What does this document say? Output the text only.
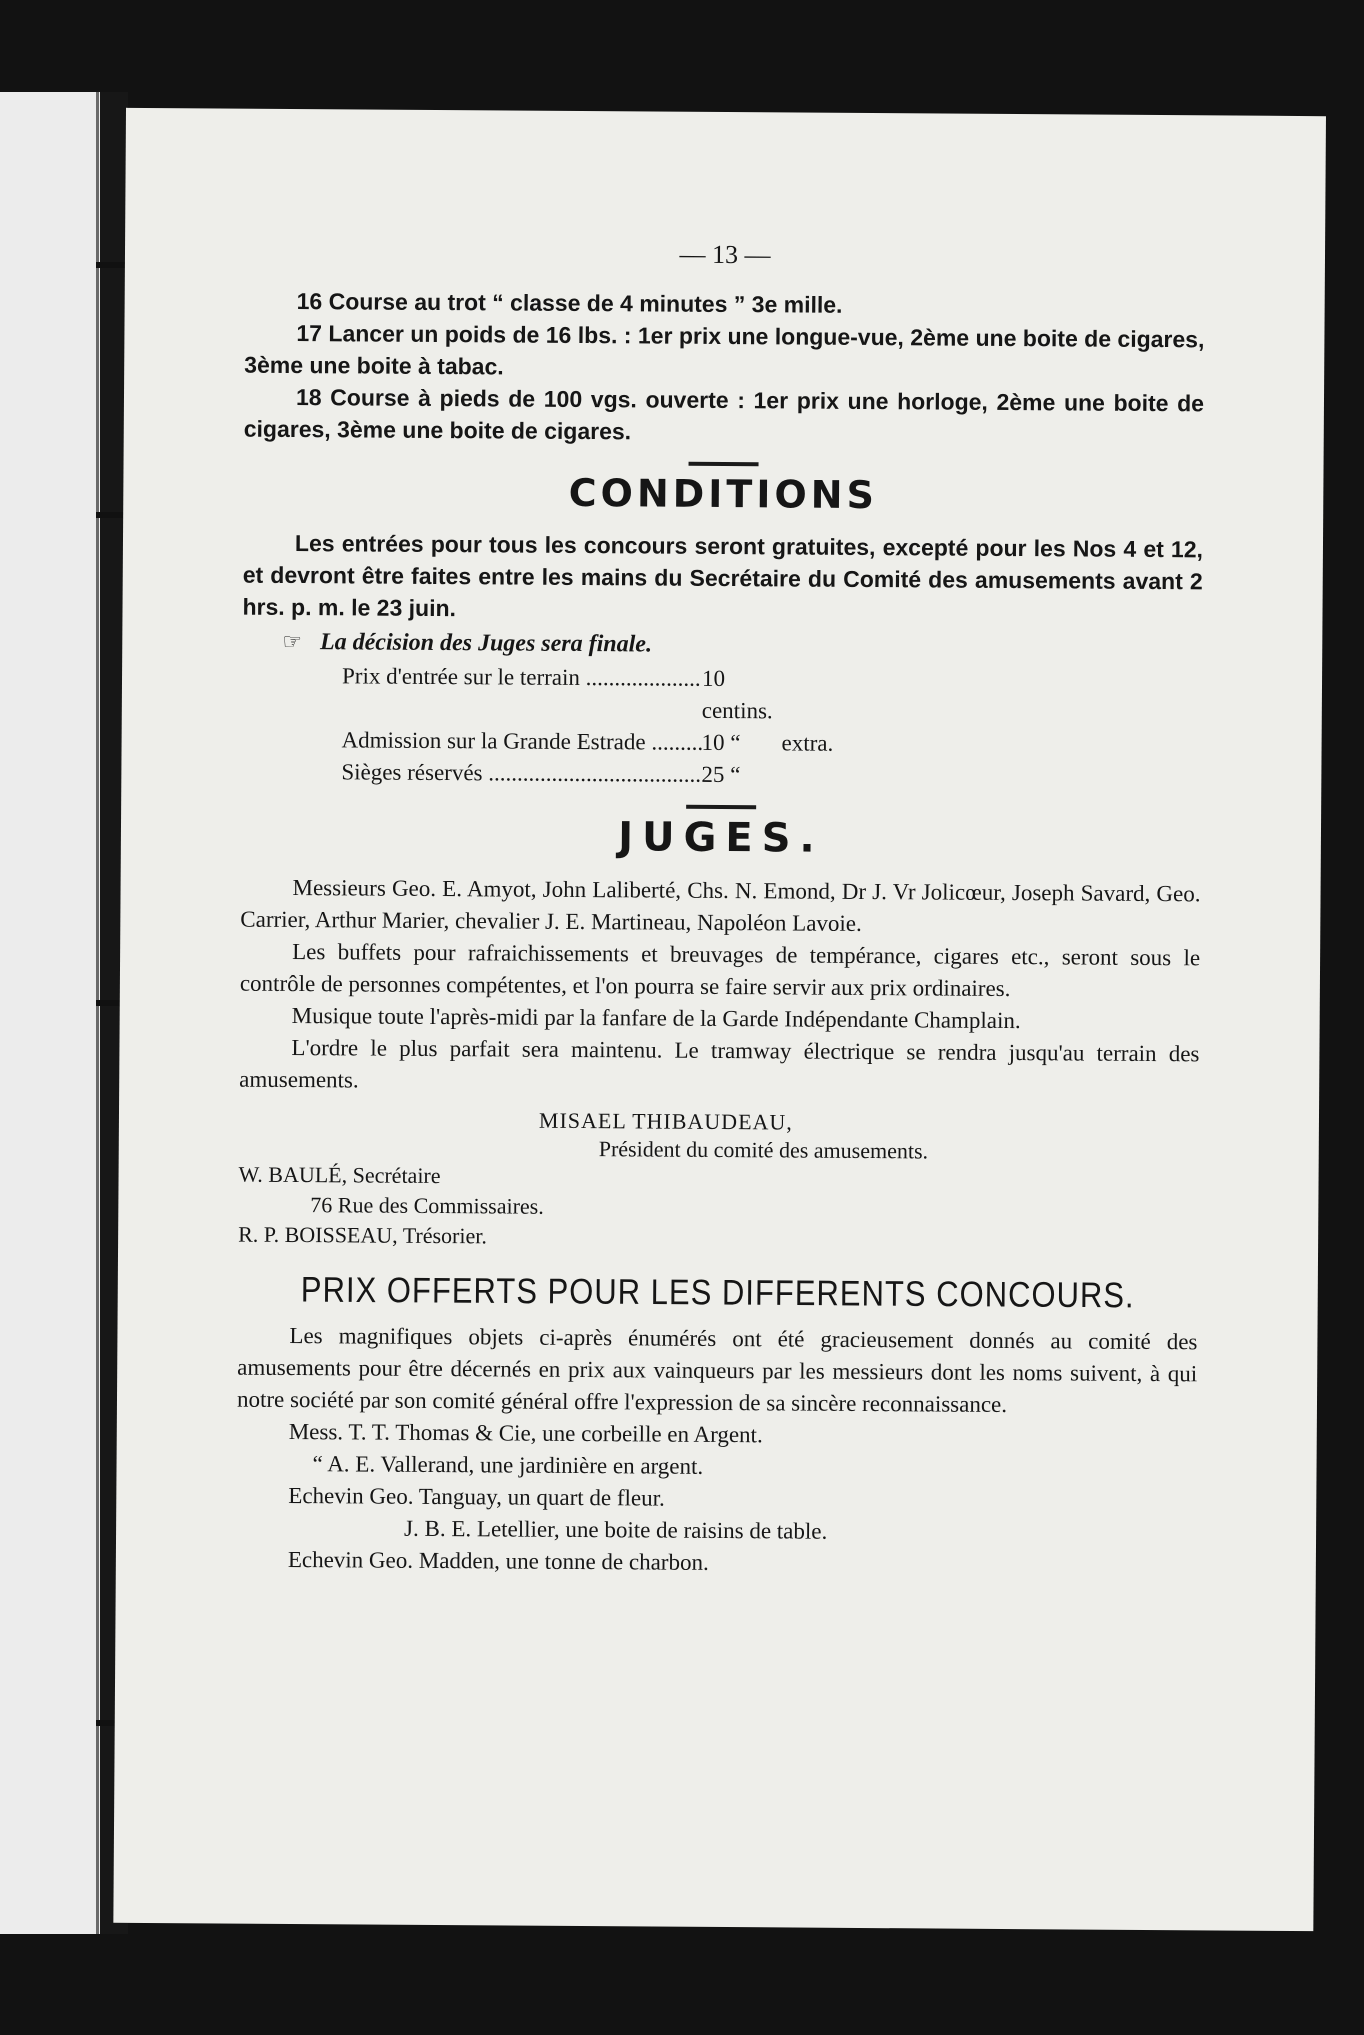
— 13 —

16 Course au trot “ classe de 4 minutes ” 3e mille.

17 Lancer un poids de 16 lbs. : 1er prix une longue-vue, 2ème une boite de cigares, 3ème une boite à tabac.

18 Course à pieds de 100 vgs. ouverte : 1er prix une horloge, 2ème une boite de cigares, 3ème une boite de cigares.

CONDITIONS

Les entrées pour tous les concours seront gratuites, excepté pour les Nos 4 et 12, et devront être faites entre les mains du Secrétaire du Comité des amusements avant 2 hrs. p. m. le 23 juin.

☞ La décision des Juges sera finale.
Prix d'entrée sur le terrain .....	10 centins.
Admission sur la Grande Estrade .....	10 “	extra.
Sièges réservés .....	25 “
JUGES.

Messieurs Geo. E. Amyot, John Laliberté, Chs. N. Emond, Dr J. Vr Jolicœur, Joseph Savard, Geo. Carrier, Arthur Marier, chevalier J. E. Martineau, Napoléon Lavoie.

Les buffets pour rafraichissements et breuvages de tempérance, cigares etc., seront sous le contrôle de personnes compétentes, et l'on pourra se faire servir aux prix ordinaires.

Musique toute l'après-midi par la fanfare de la Garde Indépendante Champlain.

L'ordre le plus parfait sera maintenu. Le tramway électrique se rendra jusqu'au terrain des amusements.

MISAEL THIBAUDEAU,
Président du comité des amusements.

W. BAULÉ, Secrétaire

76 Rue des Commissaires.

R. P. BOISSEAU, Trésorier.

PRIX OFFERTS POUR LES DIFFERENTS CONCOURS.

Les magnifiques objets ci-après énumérés ont été gracieusement donnés au comité des amusements pour être décernés en prix aux vainqueurs par les messieurs dont les noms suivent, à qui notre société par son comité général offre l'expression de sa sincère reconnaissance.

Mess. T. T. Thomas & Cie, une corbeille en Argent.

“ A. E. Vallerand, une jardinière en argent.

Echevin Geo. Tanguay, un quart de fleur.

J. B. E. Letellier, une boite de raisins de table.

Echevin Geo. Madden, une tonne de charbon.
